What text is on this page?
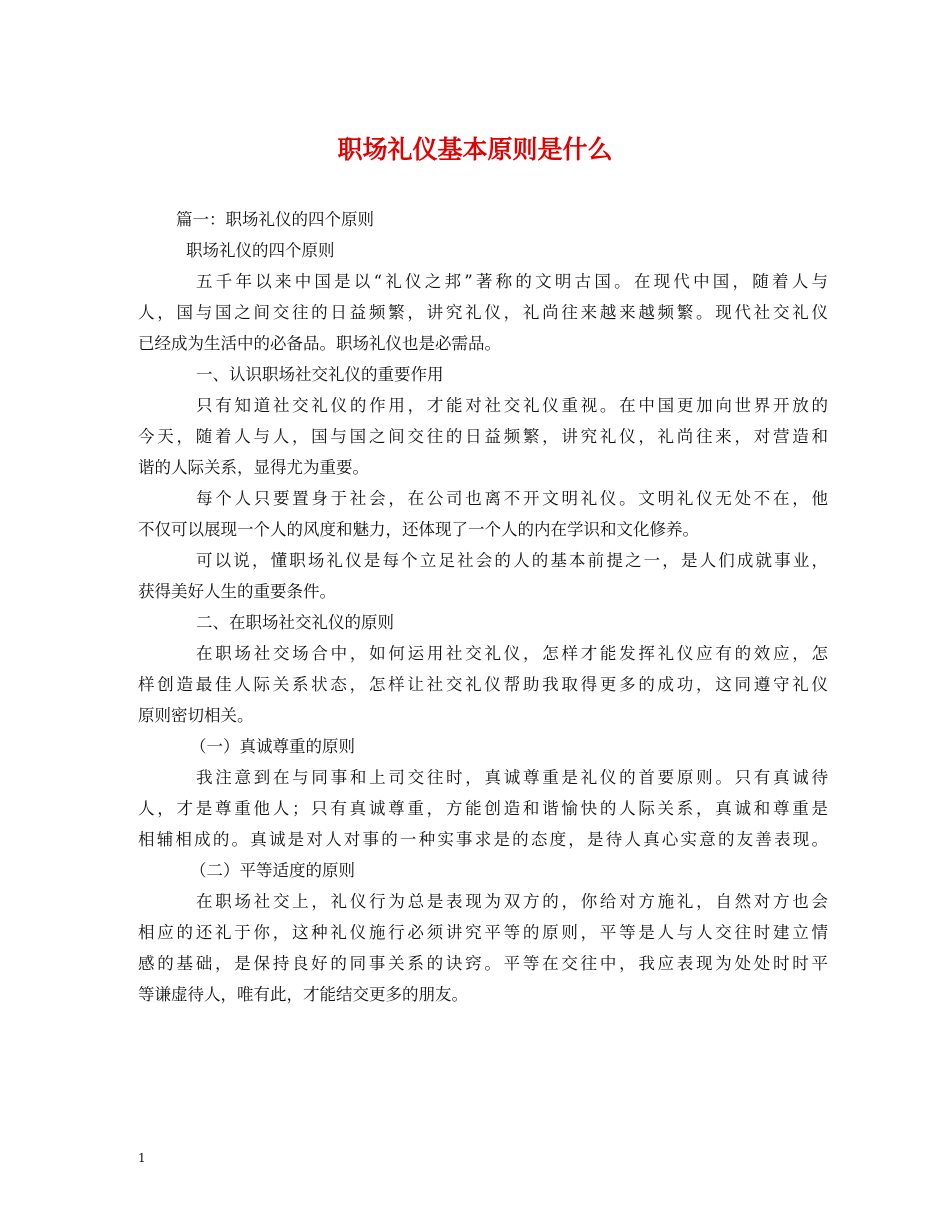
职场礼仪基本原则是什么
篇一：职场礼仪的四个原则
职场礼仪的四个原则
五千年以来中国是以“礼仪之邦”著称的文明古国。在现代中国，随着人与
人，国与国之间交往的日益频繁，讲究礼仪，礼尚往来越来越频繁。现代社交礼仪
已经成为生活中的必备品。职场礼仪也是必需品。
一、认识职场社交礼仪的重要作用
只有知道社交礼仪的作用，才能对社交礼仪重视。在中国更加向世界开放的
今天，随着人与人，国与国之间交往的日益频繁，讲究礼仪，礼尚往来，对营造和
谐的人际关系，显得尤为重要。
每个人只要置身于社会，在公司也离不开文明礼仪。文明礼仪无处不在，他
不仅可以展现一个人的风度和魅力，还体现了一个人的内在学识和文化修养。
可以说，懂职场礼仪是每个立足社会的人的基本前提之一，是人们成就事业，
获得美好人生的重要条件。
二、在职场社交礼仪的原则
在职场社交场合中，如何运用社交礼仪，怎样才能发挥礼仪应有的效应，怎
样创造最佳人际关系状态，怎样让社交礼仪帮助我取得更多的成功，这同遵守礼仪
原则密切相关。
（一）真诚尊重的原则
我注意到在与同事和上司交往时，真诚尊重是礼仪的首要原则。只有真诚待
人，才是尊重他人；只有真诚尊重，方能创造和谐愉快的人际关系，真诚和尊重是
相辅相成的。真诚是对人对事的一种实事求是的态度，是待人真心实意的友善表现。
（二）平等适度的原则
在职场社交上，礼仪行为总是表现为双方的，你给对方施礼，自然对方也会
相应的还礼于你，这种礼仪施行必须讲究平等的原则，平等是人与人交往时建立情
感的基础，是保持良好的同事关系的诀窍。平等在交往中，我应表现为处处时时平
等谦虚待人，唯有此，才能结交更多的朋友。
1
